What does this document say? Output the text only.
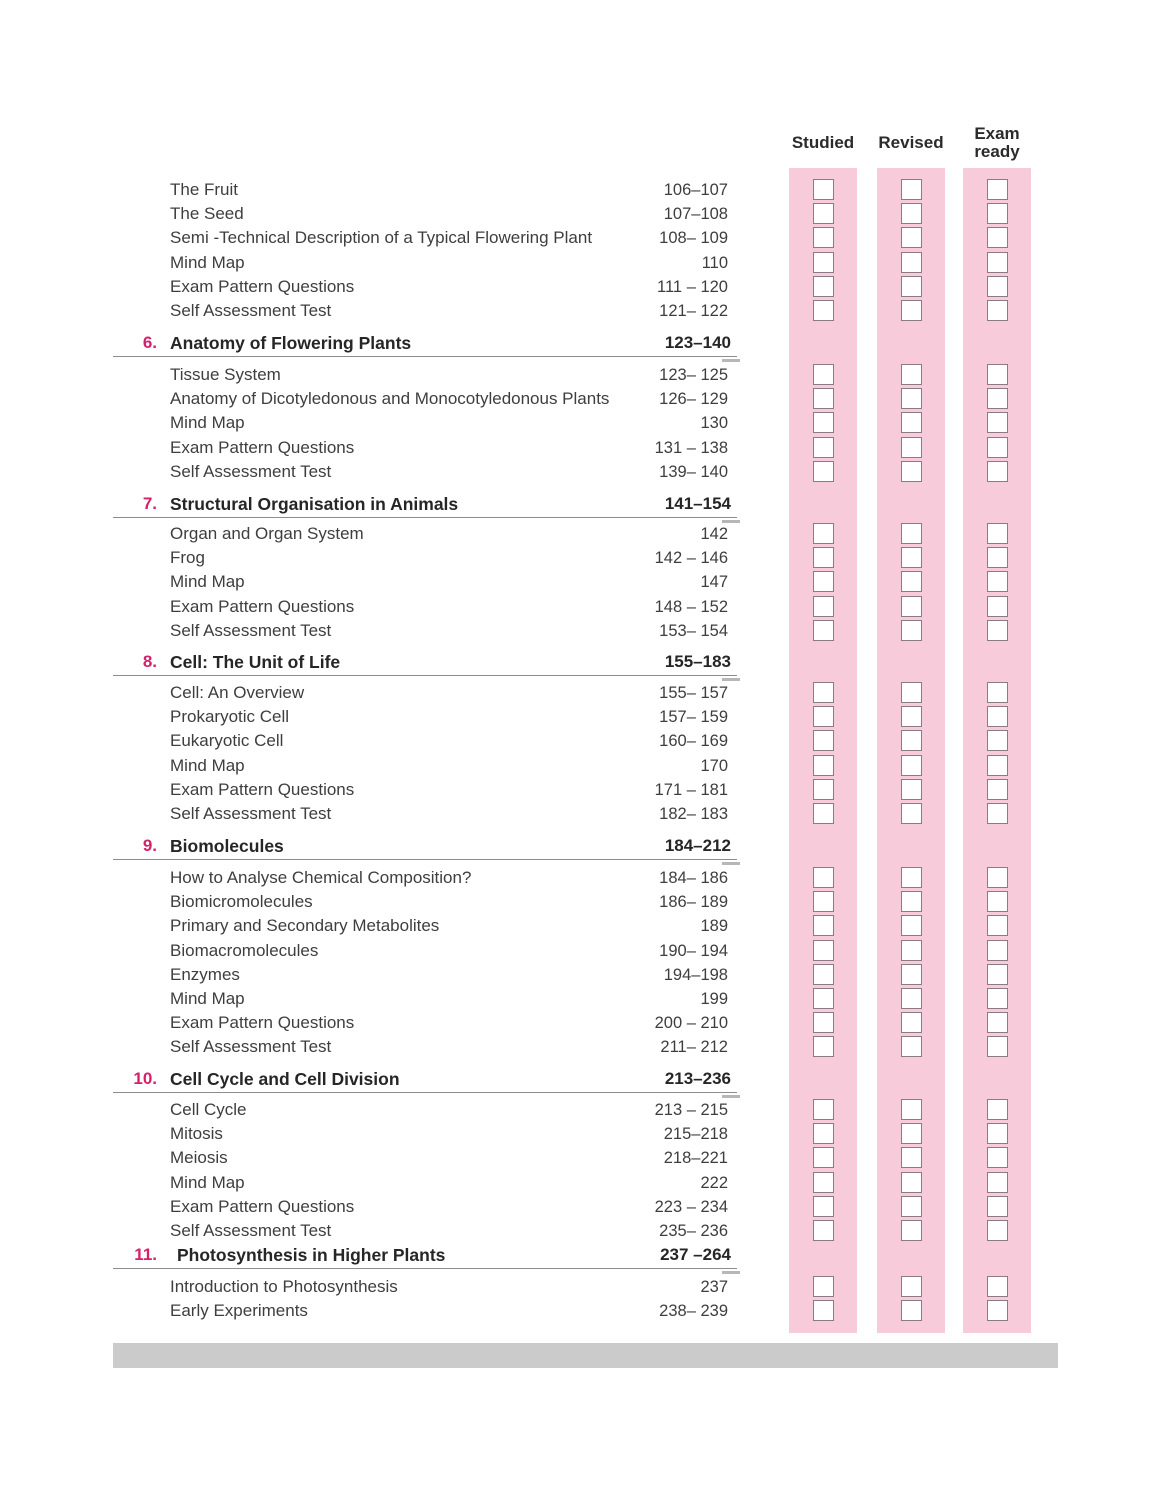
Studied Revised	Exam ready
The Fruit	106–107
The Seed	107–108
Semi -Technical Description of a Typical Flowering Plant	108– 109
Mind Map	110
Exam Pattern Questions	111 – 120
Self Assessment Test	121– 122
6. Anatomy of Flowering Plants	123–140
Tissue System	123– 125
Anatomy of Dicotyledonous and Monocotyledonous Plants	126– 129
Mind Map	130
Exam Pattern Questions	131 – 138
Self Assessment Test	139– 140
7. Structural Organisation in Animals	141–154
Organ and Organ System	142
Frog	142 – 146
Mind Map	147
Exam Pattern Questions	148 – 152
Self Assessment Test	153– 154
8. Cell: The Unit of Life	155–183
Cell: An Overview	155– 157
Prokaryotic Cell	157– 159
Eukaryotic Cell	160– 169
Mind Map	170
Exam Pattern Questions	171 – 181
Self Assessment Test	182– 183
9. Biomolecules	184–212
How to Analyse Chemical Composition?	184– 186
Biomicromolecules	186– 189
Primary and Secondary Metabolites	189
Biomacromolecules	190– 194
Enzymes	194–198
Mind Map	199
Exam Pattern Questions	200 – 210
Self Assessment Test	211– 212
10. Cell Cycle and Cell Division	213–236
Cell Cycle	213 – 215
Mitosis	215–218
Meiosis	218–221
Mind Map	222
Exam Pattern Questions	223 – 234
Self Assessment Test	235– 236
11. Photosynthesis in Higher Plants	237 –264
Introduction to Photosynthesis	237
Early Experiments	238– 239
